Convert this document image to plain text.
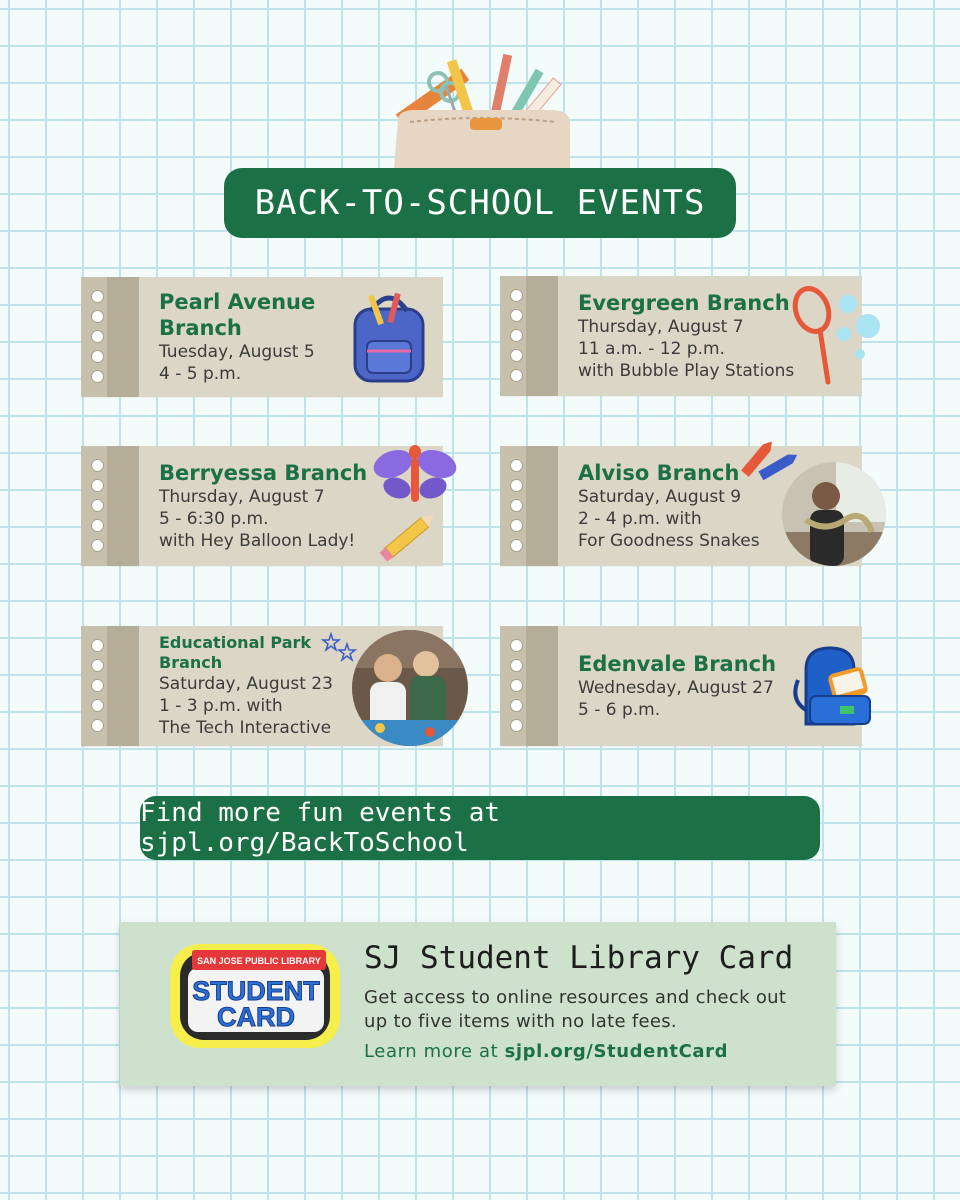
BACK-TO-SCHOOL EVENTS
Pearl Avenue Branch
Tuesday, August 5
4 - 5 p.m.
Evergreen Branch
Thursday, August 7
11 a.m. - 12 p.m.
with Bubble Play Stations
Berryessa Branch
Thursday, August 7
5 - 6:30 p.m.
with Hey Balloon Lady!
Alviso Branch
Saturday, August 9
2 - 4 p.m. with
For Goodness Snakes
Educational Park Branch
Saturday, August 23
1 - 3 p.m. with
The Tech Interactive
Edenvale Branch
Wednesday, August 27
5 - 6 p.m.
Find more fun events at sjpl.org/BackToSchool
SAN JOSE PUBLIC LIBRARY
STUDENT
CARD
SJ Student Library Card
Get access to online resources and check out up to five items with no late fees.
Learn more at sjpl.org/StudentCard
